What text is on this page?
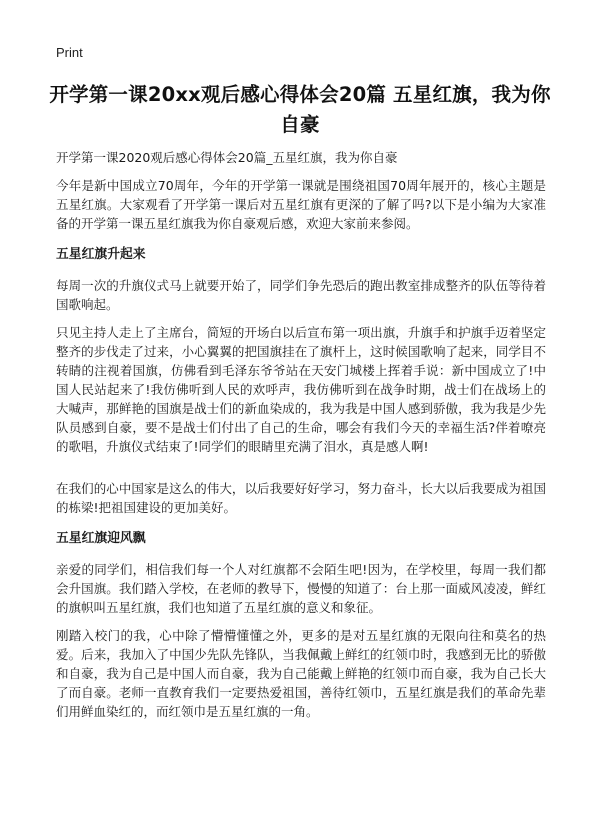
Print
开学第一课20xx观后感心得体会20篇 五星红旗，我为你自豪
开学第一课2020观后感心得体会20篇_五星红旗，我为你自豪
今年是新中国成立70周年，今年的开学第一课就是围绕祖国70周年展开的，核心主题是五星红旗。大家观看了开学第一课后对五星红旗有更深的了解了吗?以下是小编为大家准备的开学第一课五星红旗我为你自豪观后感，欢迎大家前来参阅。
五星红旗升起来
每周一次的升旗仪式马上就要开始了，同学们争先恐后的跑出教室排成整齐的队伍等待着国歌响起。
只见主持人走上了主席台，简短的开场白以后宣布第一项出旗，升旗手和护旗手迈着坚定整齐的步伐走了过来，小心翼翼的把国旗挂在了旗杆上，这时候国歌响了起来，同学目不转睛的注视着国旗，仿佛看到毛泽东爷爷站在天安门城楼上挥着手说：新中国成立了!中国人民站起来了!我仿佛听到人民的欢呼声，我仿佛听到在战争时期，战士们在战场上的大喊声，那鲜艳的国旗是战士们的新血染成的，我为我是中国人感到骄傲，我为我是少先队员感到自豪，要不是战士们付出了自己的生命，哪会有我们今天的幸福生活?伴着嘹亮的歌唱，升旗仪式结束了!同学们的眼睛里充满了泪水，真是感人啊!
在我们的心中国家是这么的伟大，以后我要好好学习，努力奋斗，长大以后我要成为祖国的栋梁!把祖国建设的更加美好。
五星红旗迎风飘
亲爱的同学们，相信我们每一个人对红旗都不会陌生吧!因为，在学校里，每周一我们都会升国旗。我们踏入学校，在老师的教导下，慢慢的知道了：台上那一面威风凌凌，鲜红的旗帜叫五星红旗，我们也知道了五星红旗的意义和象征。
刚踏入校门的我，心中除了懵懵懂懂之外，更多的是对五星红旗的无限向往和莫名的热爱。后来，我加入了中国少先队先锋队，当我佩戴上鲜红的红领巾时，我感到无比的骄傲和自豪，我为自己是中国人而自豪，我为自己能戴上鲜艳的红领巾而自豪，我为自己长大了而自豪。老师一直教育我们一定要热爱祖国，善待红领巾，五星红旗是我们的革命先辈们用鲜血染红的，而红领巾是五星红旗的一角。
